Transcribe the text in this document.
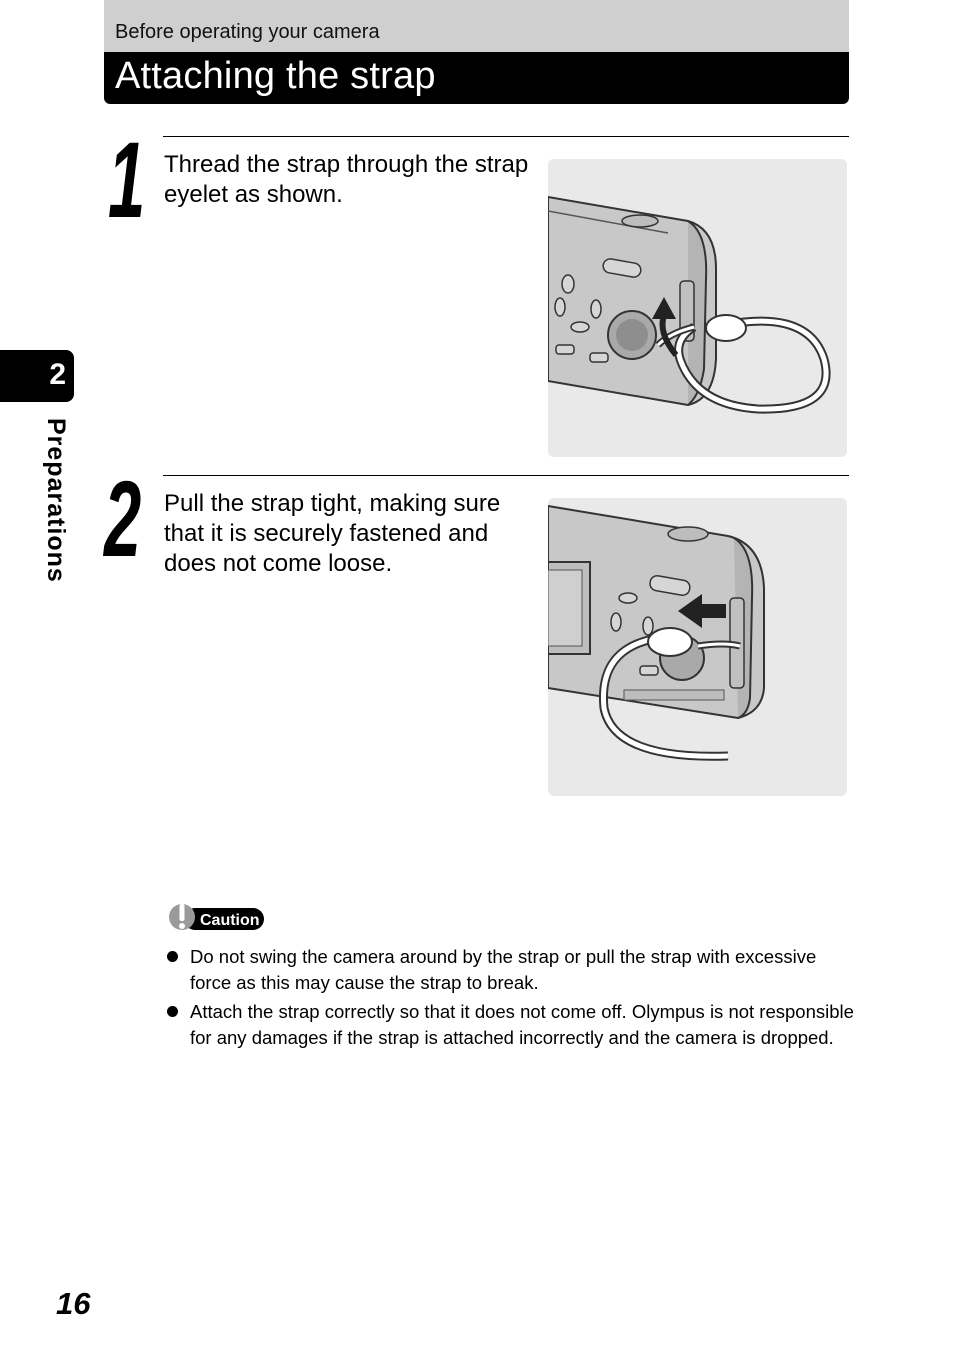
Before operating your camera
Attaching the strap
2
Preparations
1 Thread the strap through the strap eyelet as shown.
2 Pull the strap tight, making sure that it is securely fastened and does not come loose.
Caution
Do not swing the camera around by the strap or pull the strap with excessive force as this may cause the strap to break.
Attach the strap correctly so that it does not come off. Olympus is not responsible for any damages if the strap is attached incorrectly and the camera is dropped.
16
